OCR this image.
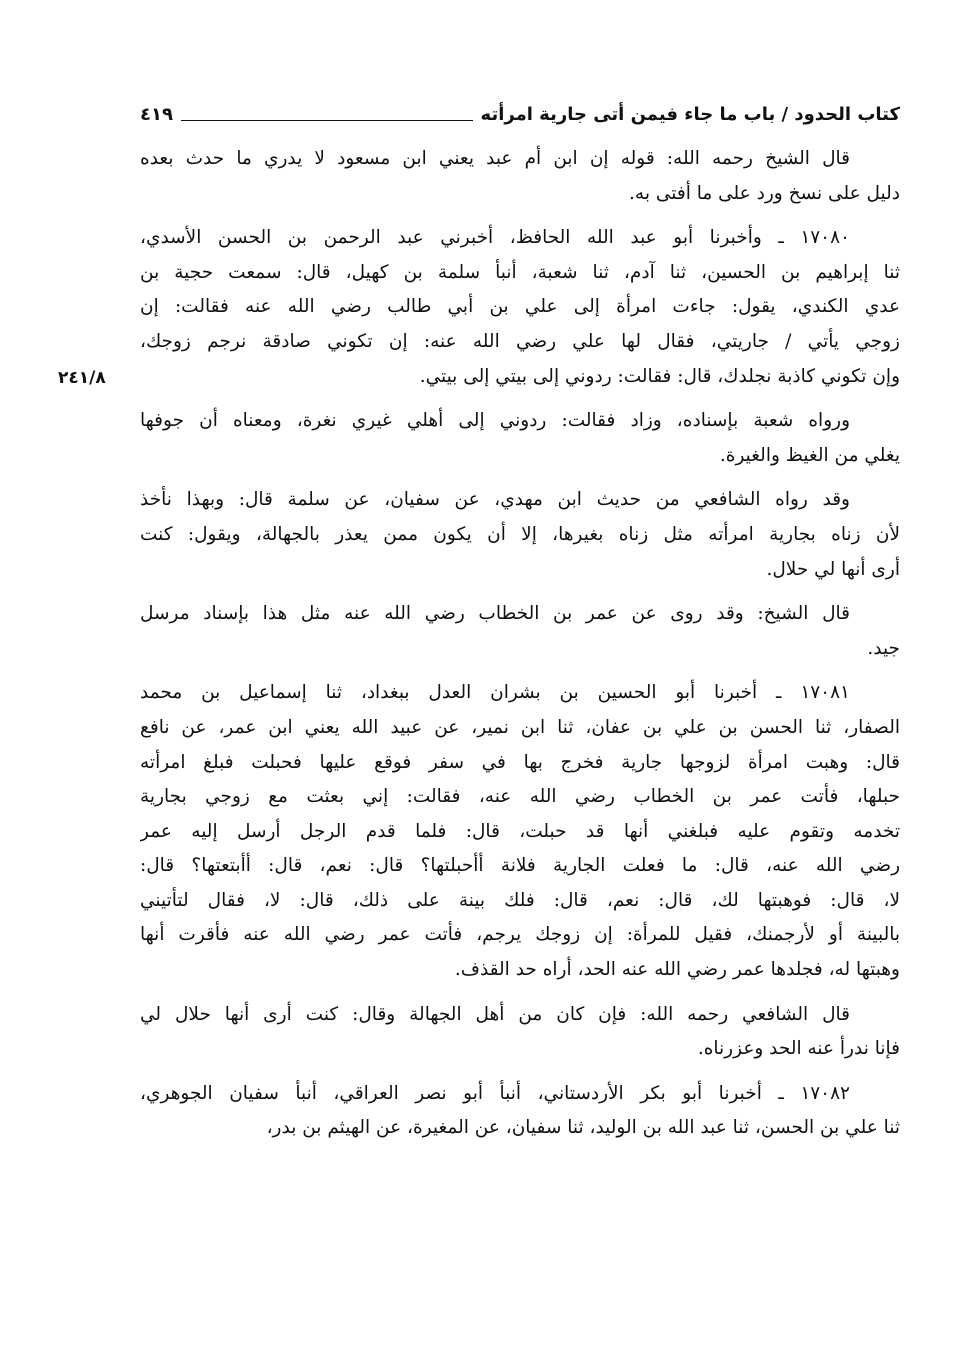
كتاب الحدود / باب ما جاء فيمن أتى جارية امرأته
٤١٩
٢٤١/٨
قال الشيخ رحمه الله: قوله إن ابن أم عبد يعني ابن مسعود لا يدري ما حدث بعده
دليل على نسخ ورد على ما أفتى به.
١٧٠٨٠ ـ وأخبرنا أبو عبد الله الحافظ، أخبرني عبد الرحمن بن الحسن الأسدي،
ثنا إبراهيم بن الحسين، ثنا آدم، ثنا شعبة، أنبأ سلمة بن كهيل، قال: سمعت حجية بن
عدي الكندي، يقول: جاءت امرأة إلى علي بن أبي طالب رضي الله عنه فقالت: إن
زوجي يأتي / جاريتي، فقال لها علي رضي الله عنه: إن تكوني صادقة نرجم زوجك،
وإن تكوني كاذبة نجلدك، قال: فقالت: ردوني إلى بيتي إلى بيتي.
ورواه شعبة بإسناده، وزاد فقالت: ردوني إلى أهلي غيري نغرة، ومعناه أن جوفها
يغلي من الغيظ والغيرة.
وقد رواه الشافعي من حديث ابن مهدي، عن سفيان، عن سلمة قال: وبهذا نأخذ
لأن زناه بجارية امرأته مثل زناه بغيرها، إلا أن يكون ممن يعذر بالجهالة، ويقول: كنت
أرى أنها لي حلال.
قال الشيخ: وقد روى عن عمر بن الخطاب رضي الله عنه مثل هذا بإسناد مرسل
جيد.
١٧٠٨١ ـ أخبرنا أبو الحسين بن بشران العدل ببغداد، ثنا إسماعيل بن محمد
الصفار، ثنا الحسن بن علي بن عفان، ثنا ابن نمير، عن عبيد الله يعني ابن عمر، عن نافع
قال: وهبت امرأة لزوجها جارية فخرج بها في سفر فوقع عليها فحبلت فبلغ امرأته
حبلها، فأتت عمر بن الخطاب رضي الله عنه، فقالت: إني بعثت مع زوجي بجارية
تخدمه وتقوم عليه فبلغني أنها قد حبلت، قال: فلما قدم الرجل أرسل إليه عمر
رضي الله عنه، قال: ما فعلت الجارية فلانة أأحبلتها؟ قال: نعم، قال: أأبتعتها؟ قال:
لا، قال: فوهبتها لك، قال: نعم، قال: فلك بينة على ذلك، قال: لا، فقال لتأتيني
بالبينة أو لأرجمنك، فقيل للمرأة: إن زوجك يرجم، فأتت عمر رضي الله عنه فأقرت أنها
وهبتها له، فجلدها عمر رضي الله عنه الحد، أراه حد القذف.
قال الشافعي رحمه الله: فإن كان من أهل الجهالة وقال: كنت أرى أنها حلال لي
فإنا ندرأ عنه الحد وعزرناه.
١٧٠٨٢ ـ أخبرنا أبو بكر الأردستاني، أنبأ أبو نصر العراقي، أنبأ سفيان الجوهري،
ثنا علي بن الحسن، ثنا عبد الله بن الوليد، ثنا سفيان، عن المغيرة، عن الهيثم بن بدر،
